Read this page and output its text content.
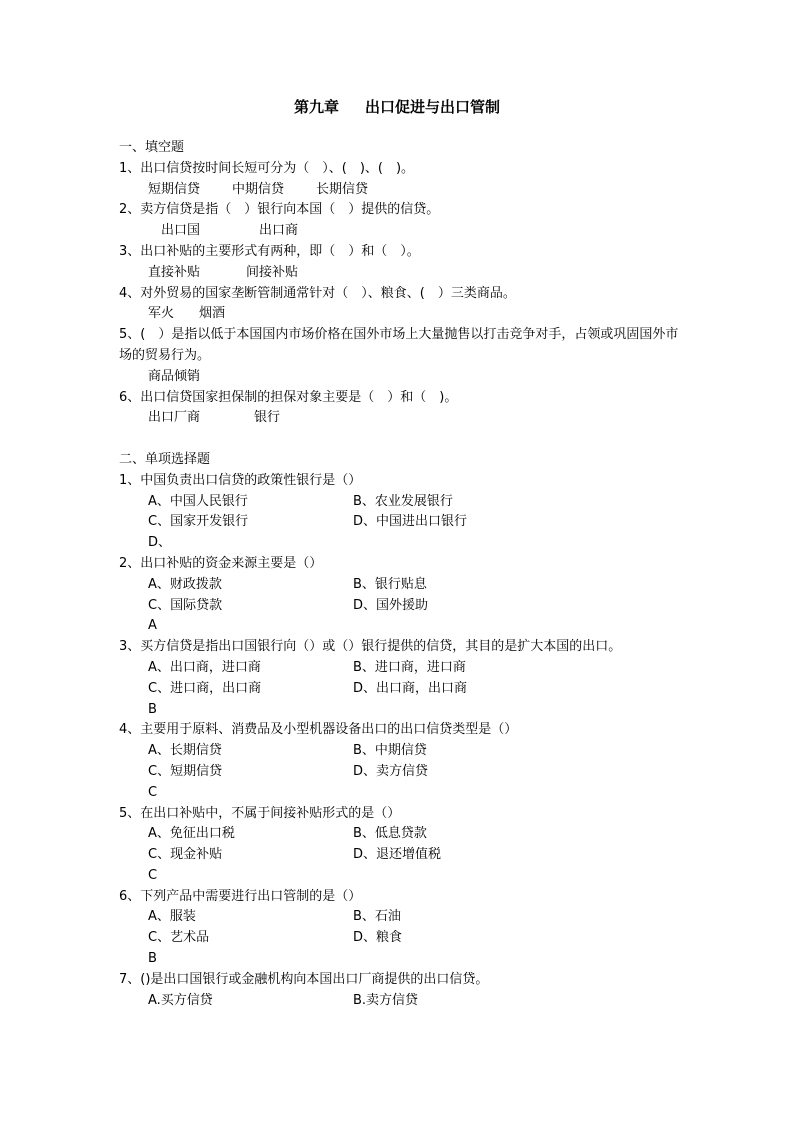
第九章 出口促进与出口管制
一、填空题
1、出口信贷按时间长短可分为（　）、(　)、(　)。
短期信贷 中期信贷 长期信贷
2、卖方信贷是指（　）银行向本国（　）提供的信贷。
出口国	出口商
3、出口补贴的主要形式有两种，即（　）和（　）。
直接补贴	间接补贴
4、对外贸易的国家垄断管制通常针对（　）、粮食、(　）三类商品。
军火 烟酒
5、(　）是指以低于本国国内市场价格在国外市场上大量抛售以打击竞争对手，占领或巩固国外市场的贸易行为。
商品倾销
6、出口信贷国家担保制的担保对象主要是（　）和（　)。
出口厂商	银行
二、单项选择题
1、中国负责出口信贷的政策性银行是（）
A、中国人民银行	B、农业发展银行
C、国家开发银行	D、中国进出口银行
D、
2、出口补贴的资金来源主要是（）
A、财政拨款	B、银行贴息
C、国际贷款	D、国外援助
A
3、买方信贷是指出口国银行向（）或（）银行提供的信贷，其目的是扩大本国的出口。
A、出口商，进口商	B、进口商，进口商
C、进口商，出口商	D、出口商，出口商
B
4、主要用于原料、消费品及小型机器设备出口的出口信贷类型是（）
A、长期信贷	B、中期信贷
C、短期信贷	D、卖方信贷
C
5、在出口补贴中，不属于间接补贴形式的是（）
A、免征出口税	B、低息贷款
C、现金补贴	D、退还增值税
C
6、下列产品中需要进行出口管制的是（）
A、服装	B、石油
C、艺术品	D、粮食
B
7、()是出口国银行或金融机构向本国出口厂商提供的出口信贷。
A.买方信贷	B.卖方信贷
